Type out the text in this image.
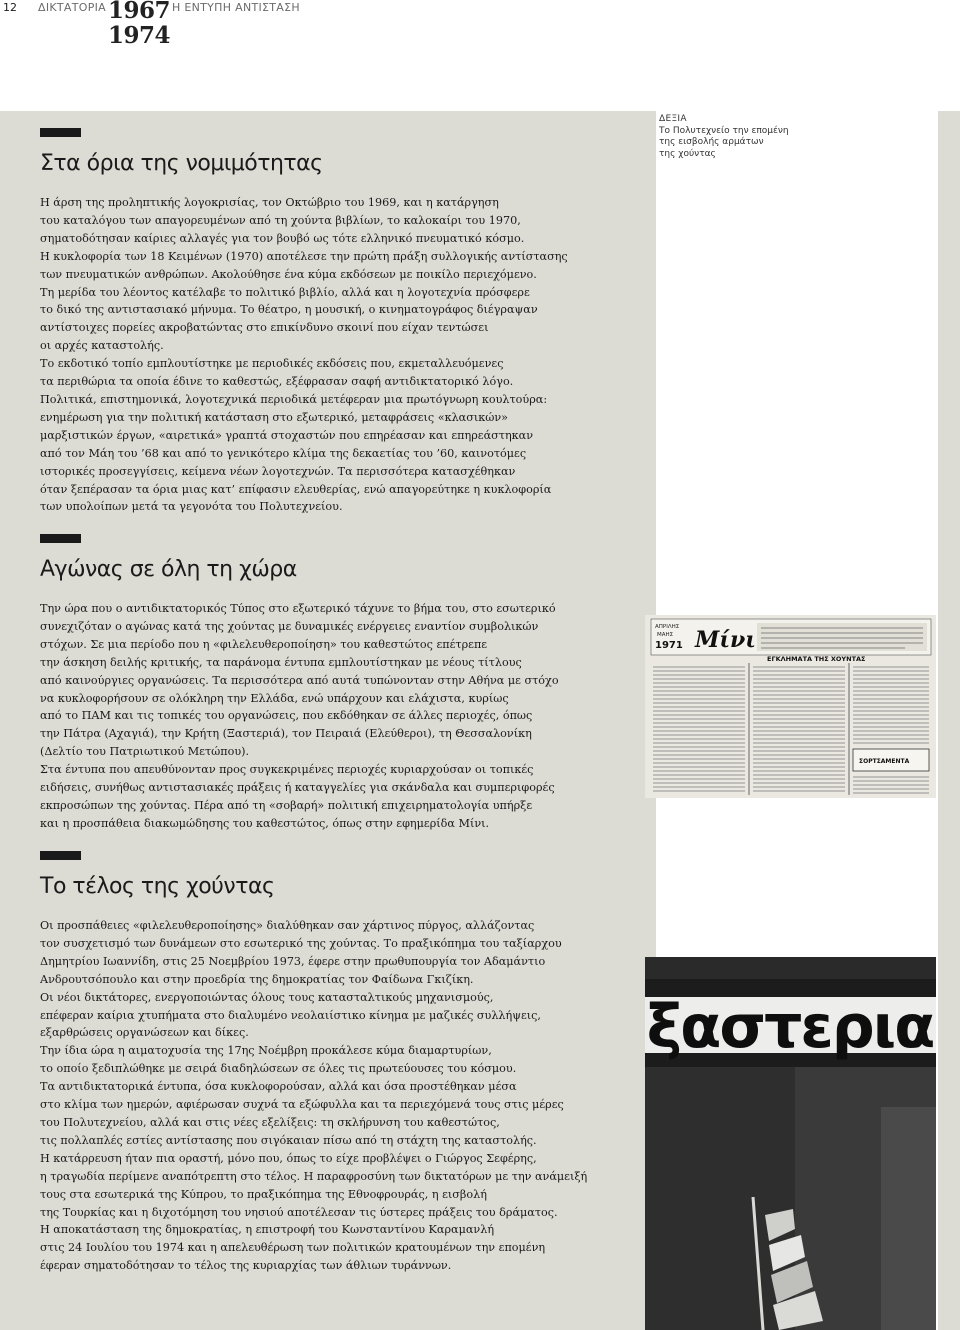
12 ΔΙΚΤΑΤΟΡΙΑ 1967
1974
Η ΕΝΤΥΠΗ ΑΝΤΙΣΤΑΣΗ
ΔΕΞΙΑ
Το Πολυτεχνείο την επομένη
της εισβολής αρμάτων
της χούντας
Στα όρια της νομιμότητας
Η άρση της προληπτικής λογοκρισίας, τον Οκτώβριο του 1969, και η κατάργηση
του καταλόγου των απαγορευμένων από τη χούντα βιβλίων, το καλοκαίρι του 1970,
σηματοδότησαν καίριες αλλαγές για τον βουβό ως τότε ελληνικό πνευματικό κόσμο.
Η κυκλοφορία των 18 Κειμένων (1970) αποτέλεσε την πρώτη πράξη συλλογικής αντίστασης
των πνευματικών ανθρώπων. Ακολούθησε ένα κύμα εκδόσεων με ποικίλο περιεχόμενο.
Τη μερίδα του λέοντος κατέλαβε το πολιτικό βιβλίο, αλλά και η λογοτεχνία πρόσφερε
το δικό της αντιστασιακό μήνυμα. Το θέατρο, η μουσική, ο κινηματογράφος διέγραψαν
αντίστοιχες πορείες ακροβατώντας στο επικίνδυνο σκοινί που είχαν τεντώσει
οι αρχές καταστολής.
Το εκδοτικό τοπίο εμπλουτίστηκε με περιοδικές εκδόσεις που, εκμεταλλευόμενες
τα περιθώρια τα οποία έδινε το καθεστώς, εξέφρασαν σαφή αντιδικτατορικό λόγο.
Πολιτικά, επιστημονικά, λογοτεχνικά περιοδικά μετέφεραν μια πρωτόγνωρη κουλτούρα:
ενημέρωση για την πολιτική κατάσταση στο εξωτερικό, μεταφράσεις «κλασικών»
μαρξιστικών έργων, «αιρετικά» γραπτά στοχαστών που επηρέασαν και επηρεάστηκαν
από τον Μάη του ’68 και από το γενικότερο κλίμα της δεκαετίας του ’60, καινοτόμες
ιστορικές προσεγγίσεις, κείμενα νέων λογοτεχνών. Τα περισσότερα κατασχέθηκαν
όταν ξεπέρασαν τα όρια μιας κατ’ επίφασιν ελευθερίας, ενώ απαγορεύτηκε η κυκλοφορία
των υπολοίπων μετά τα γεγονότα του Πολυτεχνείου.
Αγώνας σε όλη τη χώρα
Την ώρα που ο αντιδικτατορικός Τύπος στο εξωτερικό τάχυνε το βήμα του, στο εσωτερικό
συνεχιζόταν ο αγώνας κατά της χούντας με δυναμικές ενέργειες εναντίον συμβολικών
στόχων. Σε μια περίοδο που η «φιλελευθεροποίηση» του καθεστώτος επέτρεπε
την άσκηση δειλής κριτικής, τα παράνομα έντυπα εμπλουτίστηκαν με νέους τίτλους
από καινούργιες οργανώσεις. Τα περισσότερα από αυτά τυπώνονταν στην Αθήνα με στόχο
να κυκλοφορήσουν σε ολόκληρη την Ελλάδα, ενώ υπάρχουν και ελάχιστα, κυρίως
από το ΠΑΜ και τις τοπικές του οργανώσεις, που εκδόθηκαν σε άλλες περιοχές, όπως
την Πάτρα (Αχαγιά), την Κρήτη (Ξαστεριά), τον Πειραιά (Ελεύθεροι), τη Θεσσαλονίκη
(Δελτίο του Πατριωτικού Μετώπου).
Στα έντυπα που απευθύνονταν προς συγκεκριμένες περιοχές κυριαρχούσαν οι τοπικές
ειδήσεις, συνήθως αντιστασιακές πράξεις ή καταγγελίες για σκάνδαλα και συμπεριφορές
εκπροσώπων της χούντας. Πέρα από τη «σοβαρή» πολιτική επιχειρηματολογία υπήρξε
και η προσπάθεια διακωμώδησης του καθεστώτος, όπως στην εφημερίδα Μίνι.
Το τέλος της χούντας
Οι προσπάθειες «φιλελευθεροποίησης» διαλύθηκαν σαν χάρτινος πύργος, αλλάζοντας
τον συσχετισμό των δυνάμεων στο εσωτερικό της χούντας. Το πραξικόπημα του ταξίαρχου
Δημητρίου Ιωαννίδη, στις 25 Νοεμβρίου 1973, έφερε στην πρωθυπουργία τον Αδαμάντιο
Ανδρουτσόπουλο και στην προεδρία της δημοκρατίας τον Φαίδωνα Γκιζίκη.
Οι νέοι δικτάτορες, ενεργοποιώντας όλους τους κατασταλτικούς μηχανισμούς,
επέφεραν καίρια χτυπήματα στο διαλυμένο νεολαιίστικο κίνημα με μαζικές συλλήψεις,
εξαρθρώσεις οργανώσεων και δίκες.
Την ίδια ώρα η αιματοχυσία της 17ης Νοέμβρη προκάλεσε κύμα διαμαρτυρίων,
το οποίο ξεδιπλώθηκε με σειρά διαδηλώσεων σε όλες τις πρωτεύουσες του κόσμου.
Τα αντιδικτατορικά έντυπα, όσα κυκλοφορούσαν, αλλά και όσα προστέθηκαν μέσα
στο κλίμα των ημερών, αφιέρωσαν συχνά τα εξώφυλλα και τα περιεχόμενά τους στις μέρες
του Πολυτεχνείου, αλλά και στις νέες εξελίξεις: τη σκλήρυνση του καθεστώτος,
τις πολλαπλές εστίες αντίστασης που σιγόκαιαν πίσω από τη στάχτη της καταστολής.
Η κατάρρευση ήταν πια οραστή, μόνο που, όπως το είχε προβλέψει ο Γιώργος Σεφέρης,
η τραγωδία περίμενε αναπότρεπτη στο τέλος. Η παραφροσύνη των δικτατόρων με την ανάμειξή
τους στα εσωτερικά της Κύπρου, το πραξικόπημα της Εθνοφρουράς, η εισβολή
της Τουρκίας και η διχοτόμηση του νησιού αποτέλεσαν τις ύστερες πράξεις του δράματος.
Η αποκατάσταση της δημοκρατίας, η επιστροφή του Κωνσταντίνου Καραμανλή
στις 24 Ιουλίου του 1974 και η απελευθέρωση των πολιτικών κρατουμένων την επομένη
έφεραν σηματοδότησαν το τέλος της κυριαρχίας των άθλιων τυράννων.
ΑΠΡΙΛΗΣ
ΜΑΗΣ
1971 Μίνι
ΕΓΚΛΗΜΑΤΑ ΤΗΣ ΧΟΥΝΤΑΣ
ΣΟΡΤΣΑΜΕΝΤΑ
ξαστερια
